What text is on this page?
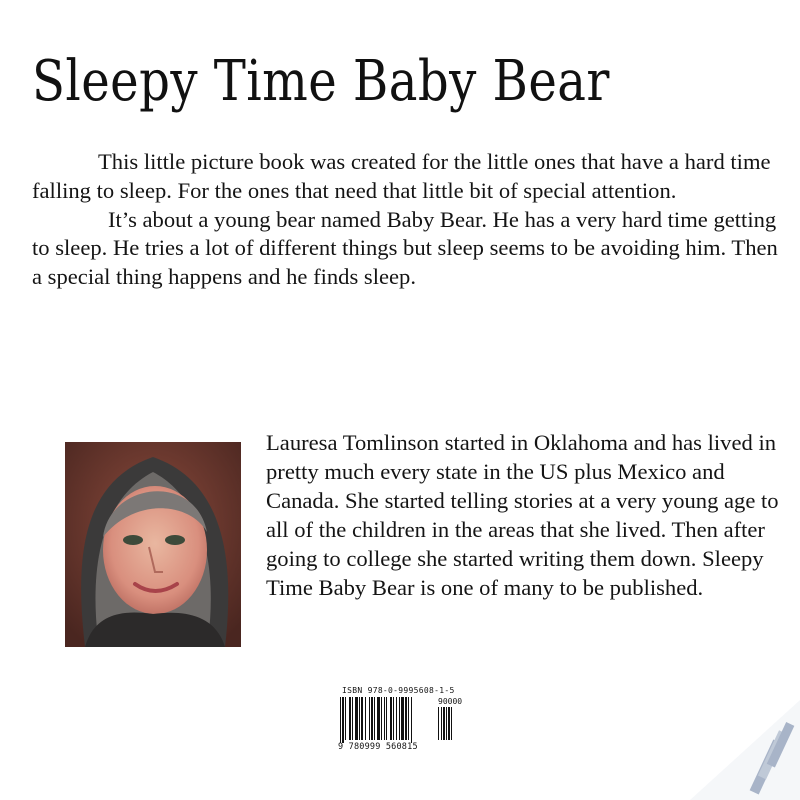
Sleepy Time Baby Bear

This little picture book was created for the little ones that have a hard time falling to sleep. For the ones that need that little bit of special attention.

It’s about a young bear named Baby Bear. He has a very hard time getting to sleep. He tries a lot of different things but sleep seems to be avoiding him. Then a special thing happens and he finds sleep.

Lauresa Tomlinson started in Oklahoma and has lived in pretty much every state in the US plus Mexico and Canada. She started telling stories at a very young age to all of the children in the areas that she lived. Then after going to college she started writing them down. Sleepy Time Baby Bear is one of many to be published.

ISBN 978-0-9995608-1-5
90000
9 780999 560815
